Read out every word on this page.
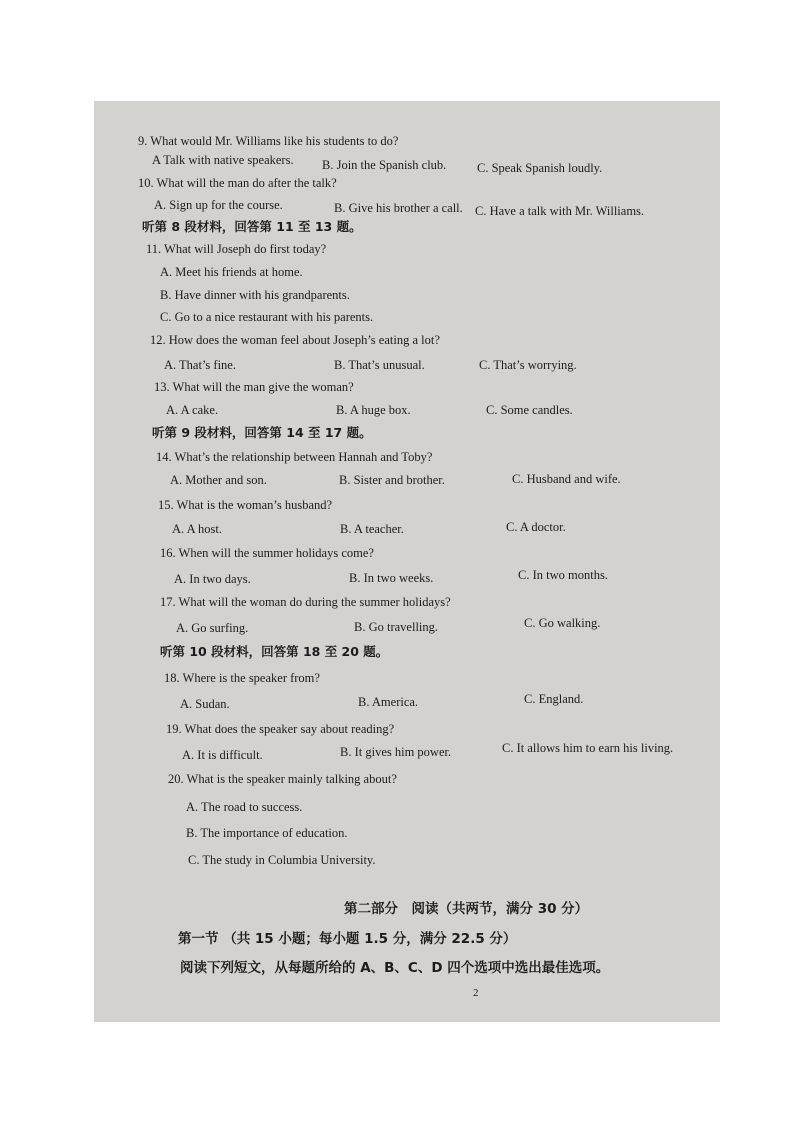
9. What would Mr. Williams like his students to do?
A Talk with native speakers. B. Join the Spanish club. C. Speak Spanish loudly.
10. What will the man do after the talk?
A. Sign up for the course.	B. Give his brother a call. C. Have a talk with Mr. Williams.
听第 8 段材料，回答第 11 至 13 题。
11. What will Joseph do first today?
A. Meet his friends at home.
B. Have dinner with his grandparents.
C. Go to a nice restaurant with his parents.
12. How does the woman feel about Joseph’s eating a lot?
A. That’s fine.	B. That’s unusual.	C. That’s worrying.
13. What will the man give the woman?
A. A cake.	B. A huge box.	C. Some candles.
听第 9 段材料，回答第 14 至 17 题。
14. What’s the relationship between Hannah and Toby?
A. Mother and son.	B. Sister and brother.	C. Husband and wife.
15. What is the woman’s husband?
A. A host.	B. A teacher.	C. A doctor.
16. When will the summer holidays come?
A. In two days.	B. In two weeks.	C. In two months.
17. What will the woman do during the summer holidays?
A. Go surfing.	B. Go travelling.	C. Go walking.
听第 10 段材料，回答第 18 至 20 题。
18. Where is the speaker from?
A. Sudan.	B. America.	C. England.
19. What does the speaker say about reading?
A. It is difficult.	B. It gives him power.	C. It allows him to earn his living.
20. What is the speaker mainly talking about?
A. The road to success.
B. The importance of education.
C. The study in Columbia University.
第二部分　阅读（共两节，满分 30 分）
第一节 （共 15 小题；每小题 1.5 分，满分 22.5 分）
阅读下列短文，从每题所给的 A、B、C、D 四个选项中选出最佳选项。
2
